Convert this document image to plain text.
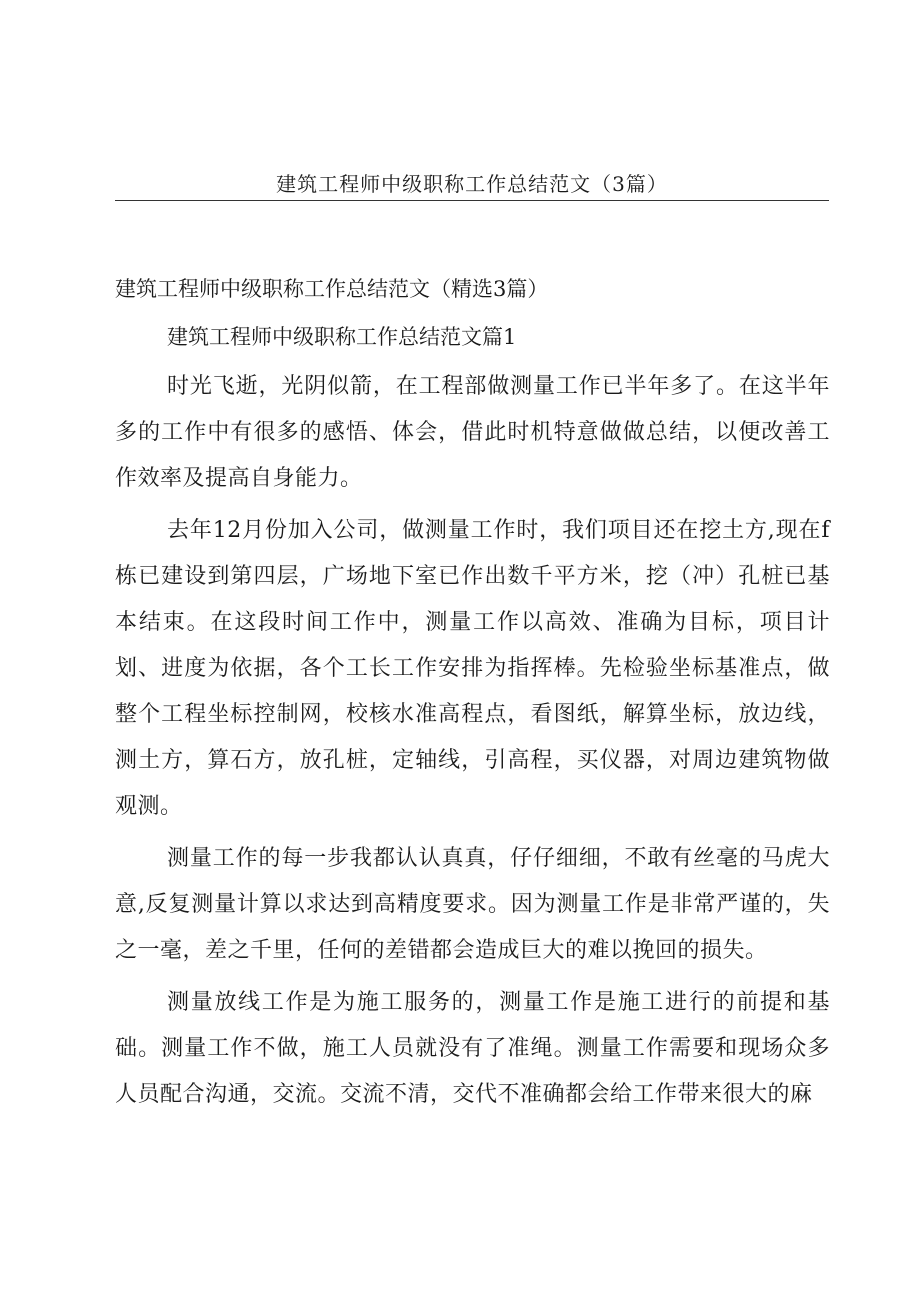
建筑工程师中级职称工作总结范文（3篇）

建筑工程师中级职称工作总结范文（精选3篇）

建筑工程师中级职称工作总结范文篇1

时光飞逝，光阴似箭，在工程部做测量工作已半年多了。在这半年多的工作中有很多的感悟、体会，借此时机特意做做总结，以便改善工作效率及提高自身能力。

去年12月份加入公司，做测量工作时，我们项目还在挖土方,现在f栋已建设到第四层，广场地下室已作出数千平方米，挖（冲）孔桩已基本结束。在这段时间工作中，测量工作以高效、准确为目标，项目计划、进度为依据，各个工长工作安排为指挥棒。先检验坐标基准点，做整个工程坐标控制网，校核水准高程点，看图纸，解算坐标，放边线，测土方，算石方，放孔桩，定轴线，引高程，买仪器，对周边建筑物做观测。

测量工作的每一步我都认认真真，仔仔细细，不敢有丝毫的马虎大意,反复测量计算以求达到高精度要求。因为测量工作是非常严谨的，失之一毫，差之千里，任何的差错都会造成巨大的难以挽回的损失。

测量放线工作是为施工服务的，测量工作是施工进行的前提和基础。测量工作不做，施工人员就没有了准绳。测量工作需要和现场众多人员配合沟通，交流。交流不清，交代不准确都会给工作带来很大的麻
